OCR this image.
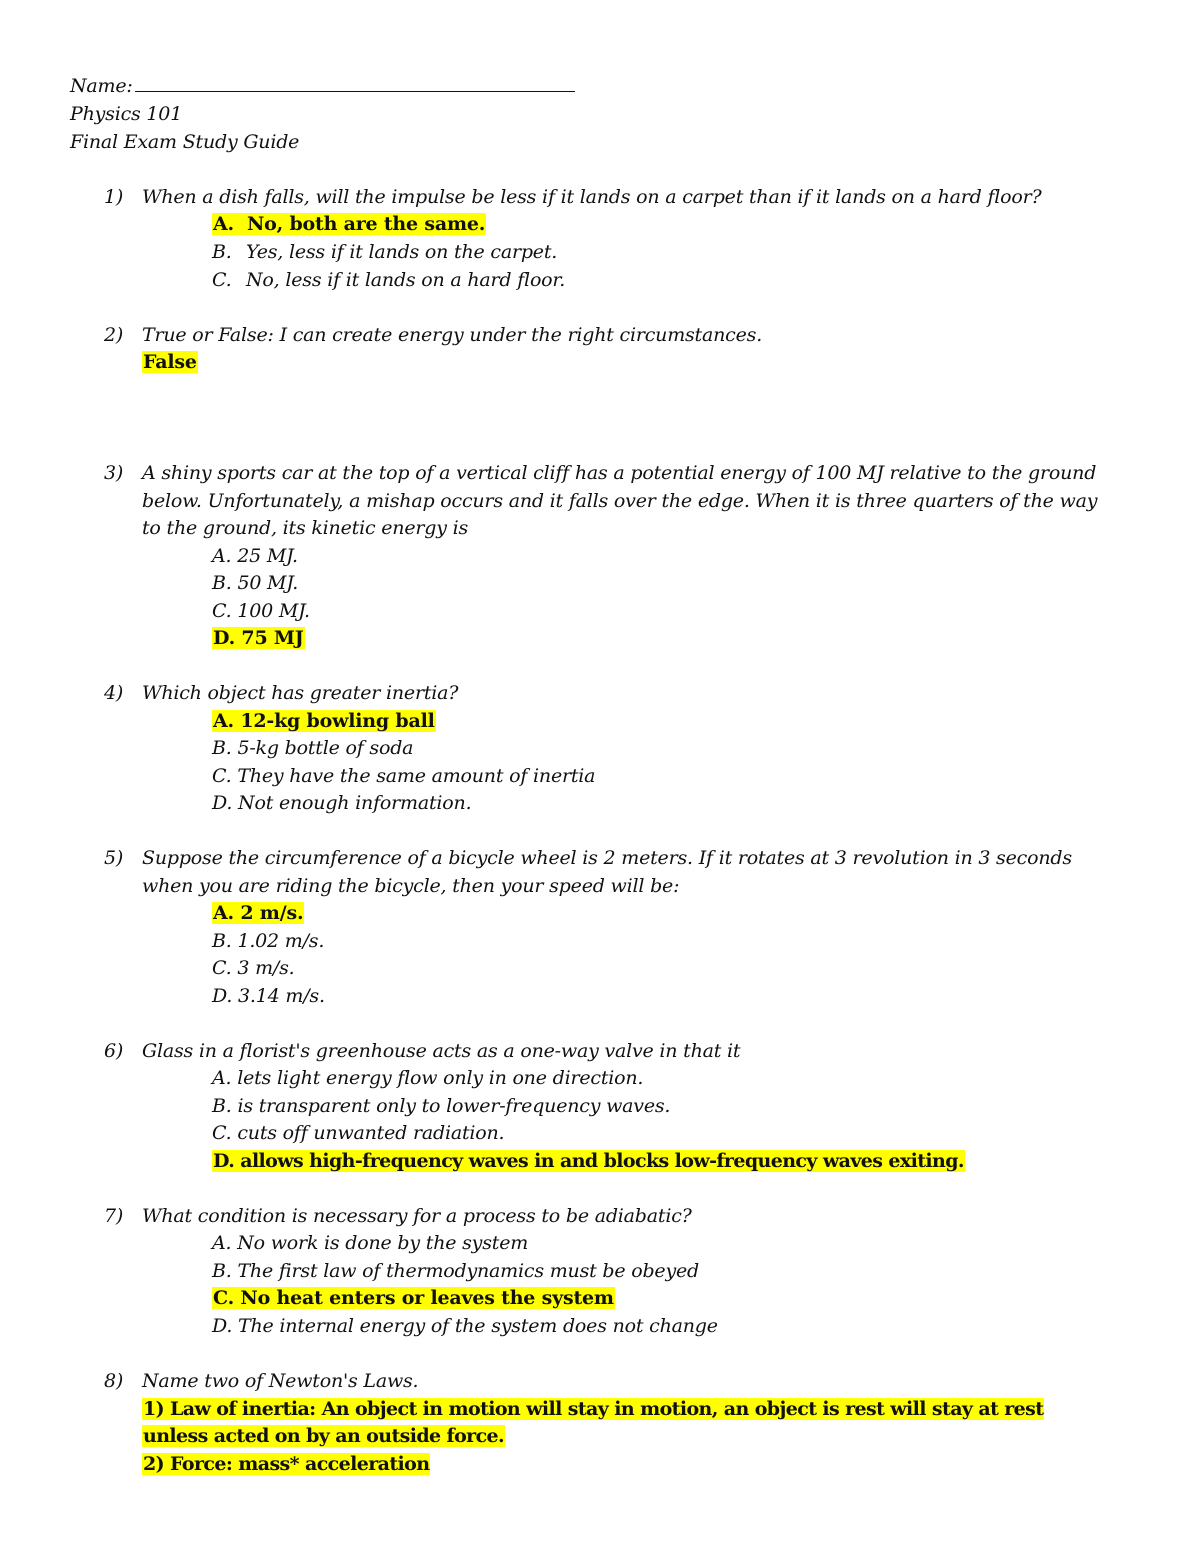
Name:
Physics 101
Final Exam Study Guide
1) When a dish falls, will the impulse be less if it lands on a carpet than if it lands on a hard floor?
A. No, both are the same.
B. Yes, less if it lands on the carpet.
C. No, less if it lands on a hard floor.
2) True or False: I can create energy under the right circumstances.
False
3) A shiny sports car at the top of a vertical cliff has a potential energy of 100 MJ relative to the ground
below. Unfortunately, a mishap occurs and it falls over the edge. When it is three quarters of the way
to the ground, its kinetic energy is
A. 25 MJ.
B. 50 MJ.
C. 100 MJ.
D. 75 MJ
4) Which object has greater inertia?
A. 12-kg bowling ball
B. 5-kg bottle of soda
C. They have the same amount of inertia
D. Not enough information.
5) Suppose the circumference of a bicycle wheel is 2 meters. If it rotates at 3 revolution in 3 seconds
when you are riding the bicycle, then your speed will be:
A. 2 m/s.
B. 1.02 m/s.
C. 3 m/s.
D. 3.14 m/s.
6) Glass in a florist's greenhouse acts as a one-way valve in that it
A. lets light energy flow only in one direction.
B. is transparent only to lower-frequency waves.
C. cuts off unwanted radiation.
D. allows high-frequency waves in and blocks low-frequency waves exiting.
7) What condition is necessary for a process to be adiabatic?
A. No work is done by the system
B. The first law of thermodynamics must be obeyed
C. No heat enters or leaves the system
D. The internal energy of the system does not change
8) Name two of Newton's Laws.
1) Law of inertia: An object in motion will stay in motion, an object is rest will stay at rest
unless acted on by an outside force.
2) Force: mass* acceleration
